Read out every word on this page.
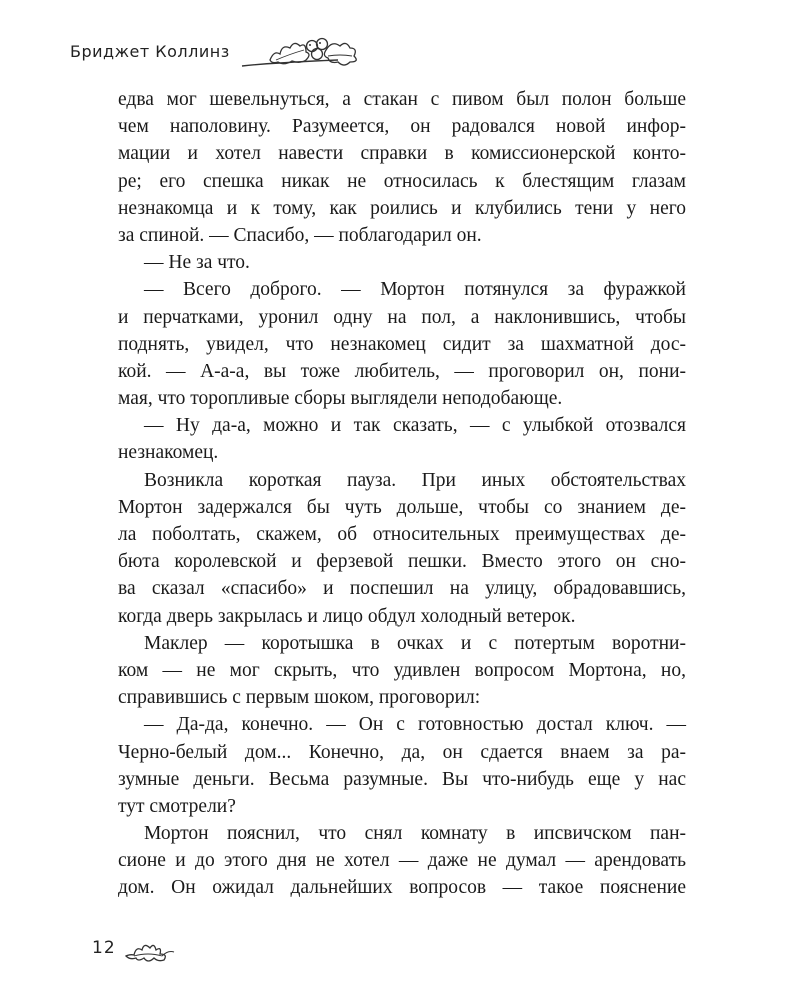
Бриджет Коллинз
едва мог шевельнуться, а стакан с пивом был полон больше
чем наполовину. Разумеется, он радовался новой инфор-
мации и хотел навести справки в комиссионерской конто-
ре; его спешка никак не относилась к блестящим глазам
незнакомца и к тому, как роились и клубились тени у него
за спиной. — Спасибо, — поблагодарил он.
— Не за что.
— Всего доброго. — Мортон потянулся за фуражкой
и перчатками, уронил одну на пол, а наклонившись, чтобы
поднять, увидел, что незнакомец сидит за шахматной дос-
кой. — А-а-а, вы тоже любитель, — проговорил он, пони-
мая, что торопливые сборы выглядели неподобающе.
— Ну да-а, можно и так сказать, — с улыбкой отозвался
незнакомец.
Возникла короткая пауза. При иных обстоятельствах
Мортон задержался бы чуть дольше, чтобы со знанием де-
ла поболтать, скажем, об относительных преимуществах де-
бюта королевской и ферзевой пешки. Вместо этого он сно-
ва сказал «спасибо» и поспешил на улицу, обрадовавшись,
когда дверь закрылась и лицо обдул холодный ветерок.
Маклер — коротышка в очках и с потертым воротни-
ком — не мог скрыть, что удивлен вопросом Мортона, но,
справившись с первым шоком, проговорил:
— Да-да, конечно. — Он с готовностью достал ключ. —
Черно-белый дом... Конечно, да, он сдается внаем за ра-
зумные деньги. Весьма разумные. Вы что-нибудь еще у нас
тут смотрели?
Мортон пояснил, что снял комнату в ипсвичском пан-
сионе и до этого дня не хотел — даже не думал — арендовать
дом. Он ожидал дальнейших вопросов — такое пояснение
12
